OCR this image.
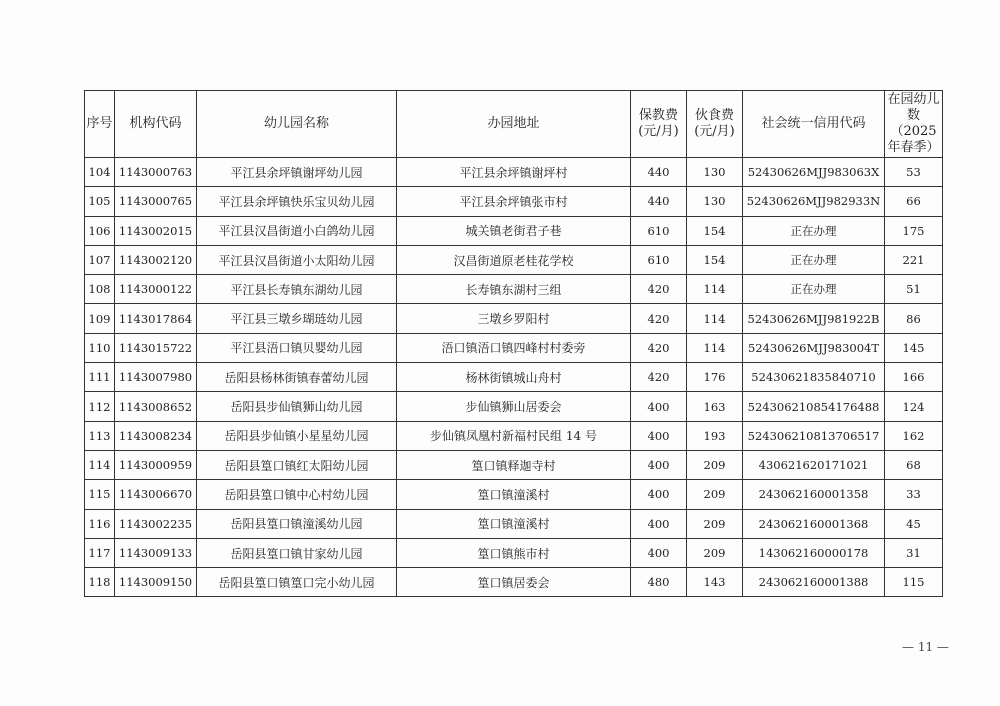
序号	机构代码	幼儿园名称	办园地址	保教费(元/月)	伙食费(元/月)	社会统一信用代码	在园幼儿数（2025年春季）
104	1143000763	平江县余坪镇谢坪幼儿园	平江县余坪镇谢坪村	440	130	52430626MJJ983063X	53
105	1143000765	平江县余坪镇快乐宝贝幼儿园	平江县余坪镇张市村	440	130	52430626MJJ982933N	66
106	1143002015	平江县汉昌街道小白鸽幼儿园	城关镇老街君子巷	610	154	正在办理	175
107	1143002120	平江县汉昌街道小太阳幼儿园	汉昌街道原老桂花学校	610	154	正在办理	221
108	1143000122	平江县长寿镇东湖幼儿园	长寿镇东湖村三组	420	114	正在办理	51
109	1143017864	平江县三墩乡瑚琏幼儿园	三墩乡罗阳村	420	114	52430626MJJ981922B	86
110	1143015722	平江县浯口镇贝婴幼儿园	浯口镇浯口镇四峰村村委旁	420	114	52430626MJJ983004T	145
111	1143007980	岳阳县杨林街镇春蕾幼儿园	杨林街镇城山舟村	420	176	52430621835840710	166
112	1143008652	岳阳县步仙镇狮山幼儿园	步仙镇狮山居委会	400	163	524306210854176488	124
113	1143008234	岳阳县步仙镇小星星幼儿园	步仙镇凤凰村新福村民组 14 号	400	193	524306210813706517	162
114	1143000959	岳阳县篁口镇红太阳幼儿园	篁口镇释迦寺村	400	209	430621620171021	68
115	1143006670	岳阳县篁口镇中心村幼儿园	篁口镇潼溪村	400	209	243062160001358	33
116	1143002235	岳阳县篁口镇潼溪幼儿园	篁口镇潼溪村	400	209	243062160001368	45
117	1143009133	岳阳县篁口镇甘家幼儿园	篁口镇熊市村	400	209	143062160000178	31
118	1143009150	岳阳县篁口镇篁口完小幼儿园	篁口镇居委会	480	143	243062160001388	115
— 11 —
